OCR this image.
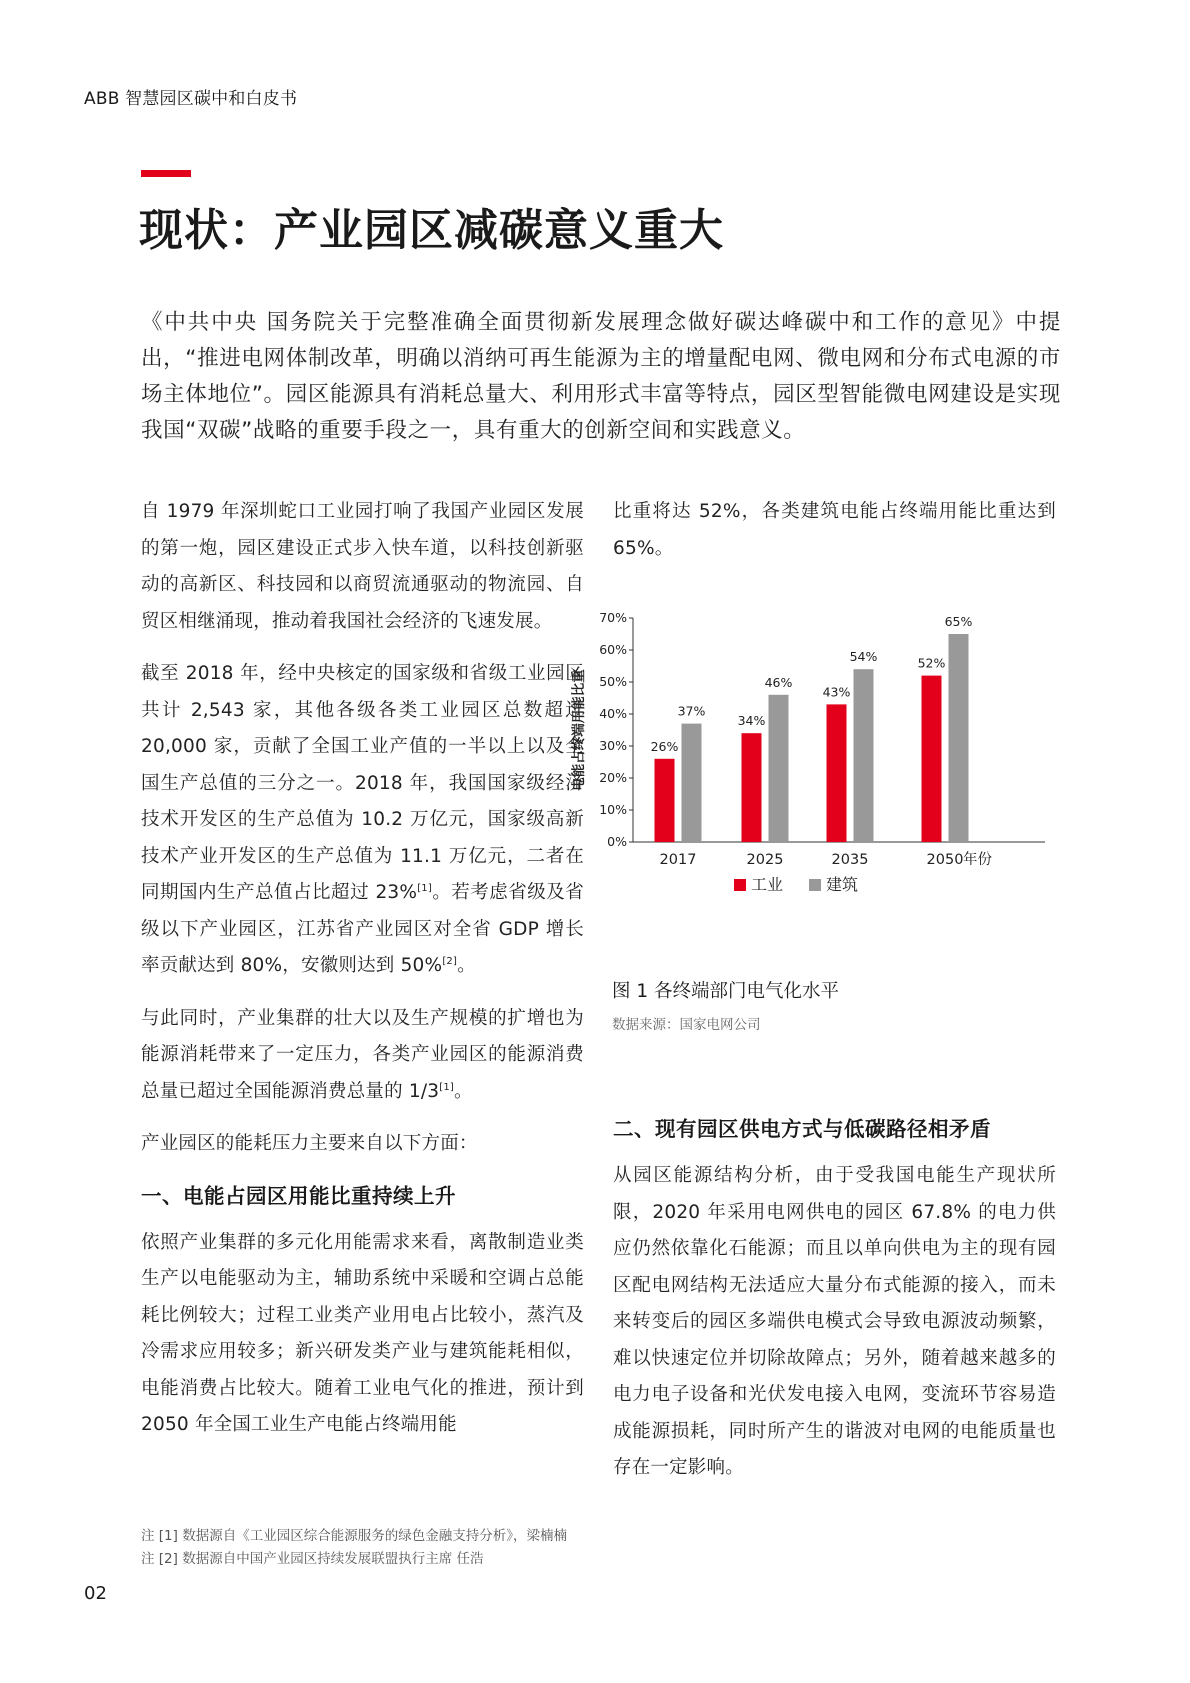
ABB 智慧园区碳中和白皮书
现状：产业园区减碳意义重大

《中共中央 国务院关于完整准确全面贯彻新发展理念做好碳达峰碳中和工作的意见》中提出，“推进电网体制改革，明确以消纳可再生能源为主的增量配电网、微电网和分布式电源的市场主体地位”。园区能源具有消耗总量大、利用形式丰富等特点，园区型智能微电网建设是实现我国“双碳”战略的重要手段之一，具有重大的创新空间和实践意义。

自 1979 年深圳蛇口工业园打响了我国产业园区发展的第一炮，园区建设正式步入快车道，以科技创新驱动的高新区、科技园和以商贸流通驱动的物流园、自贸区相继涌现，推动着我国社会经济的飞速发展。

截至 2018 年，经中央核定的国家级和省级工业园区共计 2,543 家，其他各级各类工业园区总数超过 20,000 家，贡献了全国工业产值的一半以上以及全国生产总值的三分之一。2018 年，我国国家级经济技术开发区的生产总值为 10.2 万亿元，国家级高新技术产业开发区的生产总值为 11.1 万亿元，二者在同期国内生产总值占比超过 23%[1]。若考虑省级及省级以下产业园区，江苏省产业园区对全省 GDP 增长率贡献达到 80%，安徽则达到 50%[2]。

与此同时，产业集群的壮大以及生产规模的扩增也为能源消耗带来了一定压力，各类产业园区的能源消费总量已超过全国能源消费总量的 1/3[1]。

产业园区的能耗压力主要来自以下方面：

一、电能占园区用能比重持续上升

依照产业集群的多元化用能需求来看，离散制造业类生产以电能驱动为主，辅助系统中采暖和空调占总能耗比例较大；过程工业类产业用电占比较小，蒸汽及冷需求应用较多；新兴研发类产业与建筑能耗相似，电能消费占比较大。随着工业电气化的推进，预计到 2050 年全国工业生产电能占终端用能

比重将达 52%，各类建筑电能占终端用能比重达到 65%。

0%
10%
20%
30%
40%
50%
60%
70%
电能占终端用能比重	26%
37%
2017
34%
46%
2025
43%
54%
2035
52%
65%
2050 年份
工业	建筑
图 1 各终端部门电气化水平
数据来源：国家电网公司
二、现有园区供电方式与低碳路径相矛盾

从园区能源结构分析，由于受我国电能生产现状所限，2020 年采用电网供电的园区 67.8% 的电力供应仍然依靠化石能源；而且以单向供电为主的现有园区配电网结构无法适应大量分布式能源的接入，而未来转变后的园区多端供电模式会导致电源波动频繁，难以快速定位并切除故障点；另外，随着越来越多的电力电子设备和光伏发电接入电网，变流环节容易造成能源损耗，同时所产生的谐波对电网的电能质量也存在一定影响。

注 [1] 数据源自《工业园区综合能源服务的绿色金融支持分析》，梁楠楠
注 [2] 数据源自中国产业园区持续发展联盟执行主席 任浩
02
